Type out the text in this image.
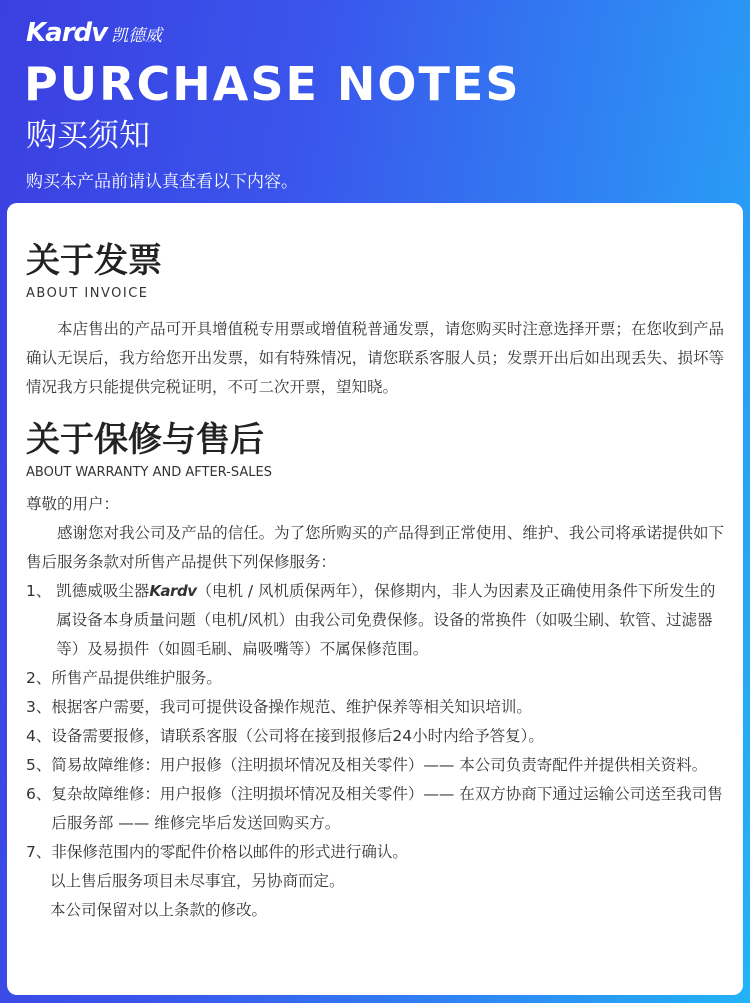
Kardv 凯德威
PURCHASE NOTES
购买须知
购买本产品前请认真查看以下内容。
关于发票

ABOUT INVOICE

本店售出的产品可开具增值税专用票或增值税普通发票，请您购买时注意选择开票；在您收到产品确认无误后，我方给您开出发票，如有特殊情况，请您联系客服人员；发票开出后如出现丢失、损坏等情况我方只能提供完税证明，不可二次开票，望知晓。

关于保修与售后

ABOUT WARRANTY AND AFTER-SALES

尊敬的用户：

感谢您对我公司及产品的信任。为了您所购买的产品得到正常使用、维护、我公司将承诺提供如下售后服务条款对所售产品提供下列保修服务：

1、 凯德威吸尘器Kardv（电机 / 风机质保两年），保修期内，非人为因素及正确使用条件下所发生的属设备本身质量问题（电机/风机）由我公司免费保修。设备的常换件（如吸尘刷、软管、过滤器等）及易损件（如圆毛刷、扁吸嘴等）不属保修范围。
2、 所售产品提供维护服务。
3、 根据客户需要，我司可提供设备操作规范、维护保养等相关知识培训。
4、 设备需要报修，请联系客服（公司将在接到报修后24小时内给予答复）。
5、 简易故障维修：用户报修（注明损坏情况及相关零件）—— 本公司负责寄配件并提供相关资料。
6、 复杂故障维修：用户报修（注明损坏情况及相关零件）—— 在双方协商下通过运输公司送至我司售后服务部 —— 维修完毕后发送回购买方。
7、 非保修范围内的零配件价格以邮件的形式进行确认。

以上售后服务项目未尽事宜，另协商而定。

本公司保留对以上条款的修改。
